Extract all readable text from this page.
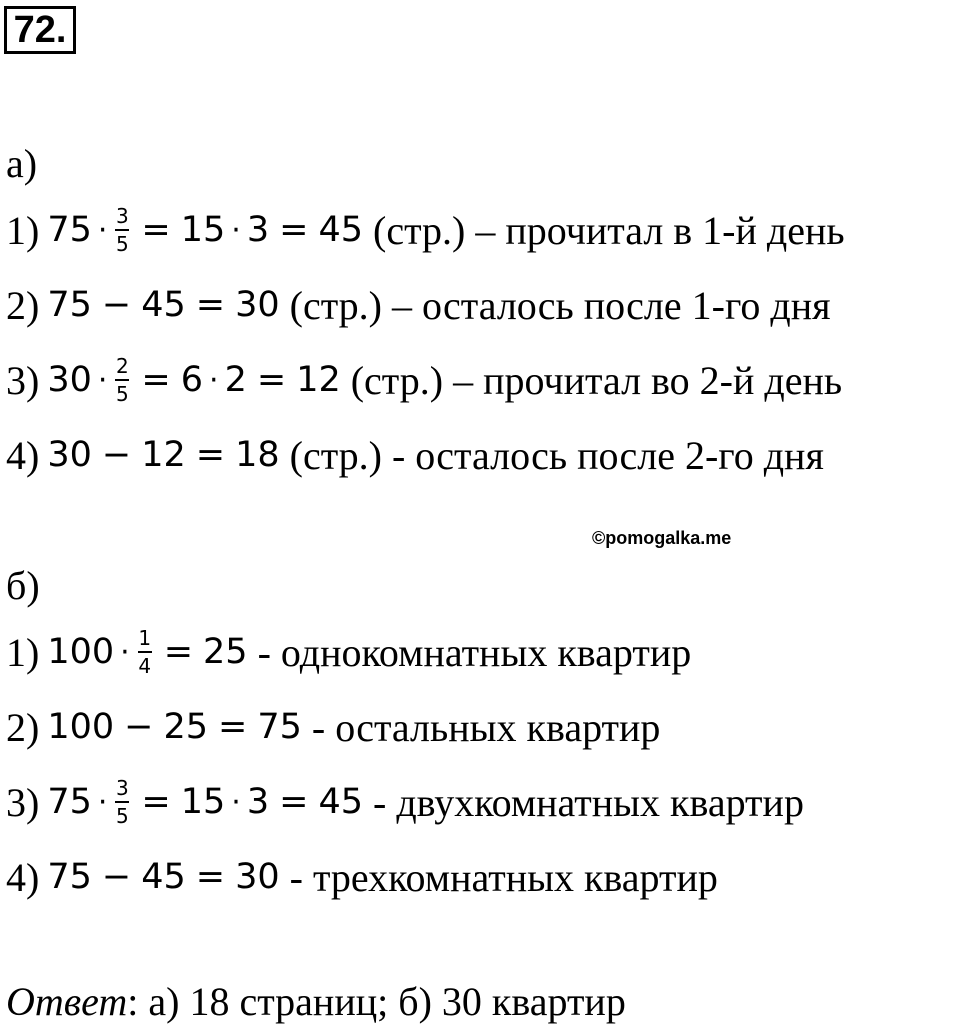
72.
а)
1) $75 \cdot \frac{3}{5} = 15 \cdot 3 = 45$ (стр.) – прочитал в 1-й день
2) 75 − 45 = 30 (стр.) – осталось после 1-го дня
3) $30 \cdot \frac{2}{5} = 6 \cdot 2 = 12$ (стр.) – прочитал во 2-й день
4) 30 − 12 = 18 (стр.) - осталось после 2-го дня
©pomogalka.me
б)
1) $100 \cdot \frac{1}{4} = 25$ - однокомнатных квартир
2) 100 − 25 = 75 - остальных квартир
3) $75 \cdot \frac{3}{5} = 15 \cdot 3 = 45$ - двухкомнатных квартир
4) 75 − 45 = 30 - трехкомнатных квартир
Ответ: а) 18 страниц; б) 30 квартир
